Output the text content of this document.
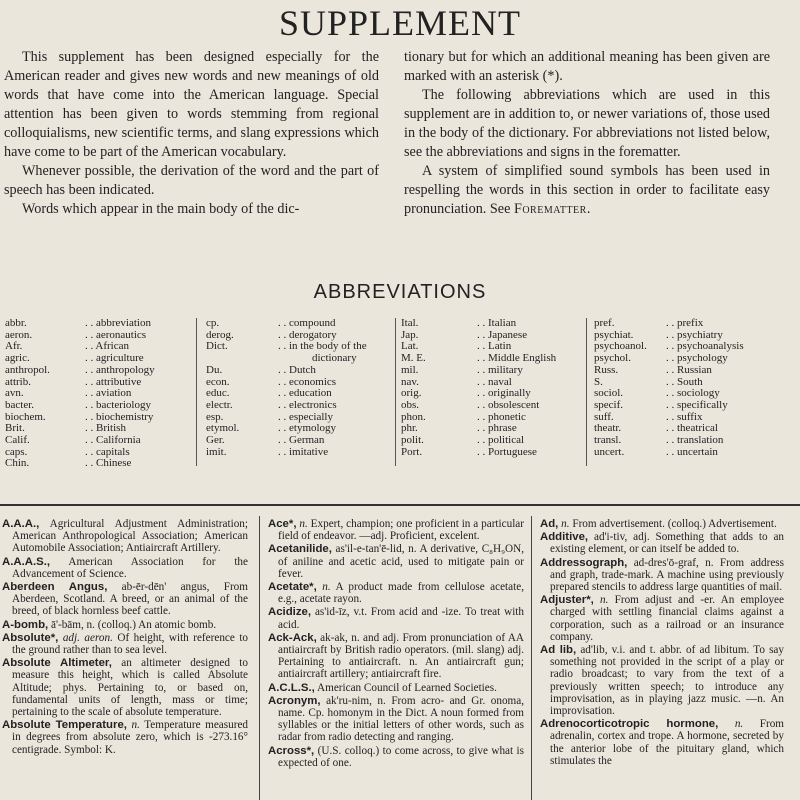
SUPPLEMENT

This supplement has been designed especially for the American reader and gives new words and new meanings of old words that have come into the American language. Special attention has been given to words stemming from regional colloquialisms, new scientific terms, and slang expressions which have come to be part of the American vocabulary.

Whenever possible, the derivation of the word and the part of speech has been indicated.

Words which appear in the main body of the dic-

tionary but for which an additional meaning has been given are marked with an asterisk (*).

The following abbreviations which are used in this supplement are in addition to, or newer variations of, those used in the body of the dictionary. For abbreviations not listed below, see the abbreviations and signs in the forematter.

A system of simplified sound symbols has been used in respelling the words in this section in order to facilitate easy pronunciation. See Forematter.

ABBREVIATIONS
abbr.	. . abbreviation
aeron.	. . aeronautics
Afr.	. . African
agric.	. . agriculture
anthropol.	. . anthropology
attrib.	. . attributive
avn.	. . aviation
bacter.	. . bacteriology
biochem.	. . biochemistry
Brit.	. . British
Calif.	. . California
caps.	. . capitals
Chin.	. . Chinese
cp.	. . compound
derog.	. . derogatory
Dict.	. . in the body of the
dictionary
Du.	. . Dutch
econ.	. . economics
educ.	. . education
electr.	. . electronics
esp.	. . especially
etymol.	. . etymology
Ger.	. . German
imit.	. . imitative
Ital.	. . Italian
Jap.	. . Japanese
Lat.	. . Latin
M. E.	. . Middle English
mil.	. . military
nav.	. . naval
orig.	. . originally
obs.	. . obsolescent
phon.	. . phonetic
phr.	. . phrase
polit.	. . political
Port.	. . Portuguese
pref.	. . prefix
psychiat.	. . psychiatry
psychoanol.	. . psychoanalysis
psychol.	. . psychology
Russ.	. . Russian
S.	. . South
sociol.	. . sociology
specif.	. . specifically
suff.	. . suffix
theatr.	. . theatrical
transl.	. . translation
uncert.	. . uncertain

A.A.A., Agricultural Adjustment Administration; American Anthropological Association; American Automobile Association; Antiaircraft Artillery.

A.A.A.S., American Association for the Advancement of Science.

Aberdeen Angus, ab-ēr-dēn' angus, From Aberdeen, Scotland. A breed, or an animal of the breed, of black hornless beef cattle.

A-bomb, ā'-bām, n. (colloq.) An atomic bomb.

Absolute*, adj. aeron. Of height, with reference to the ground rather than to sea level.

Absolute Altimeter, an altimeter designed to measure this height, which is called Absolute Altitude; phys. Pertaining to, or based on, fundamental units of length, mass or time; pertaining to the scale of absolute temperature.

Absolute Temperature, n. Temperature measured in degrees from absolute zero, which is -273.16° centigrade. Symbol: K.

Ace*, n. Expert, champion; one proficient in a particular field of endeavor. —adj. Proficient, excelent.

Acetanilide, as'il-e-tan'ē-lid, n. A derivative, C₈H₉ON, of aniline and acetic acid, used to mitigate pain or fever.

Acetate*, n. A product made from cellulose acetate, e.g., acetate rayon.

Acidize, as'id-īz, v.t. From acid and -ize. To treat with acid.

Ack-Ack, ak-ak, n. and adj. From pronunciation of AA antiaircraft by British radio operators. (mil. slang) adj. Pertaining to antiaircraft. n. An antiaircraft gun; antiaircraft artillery; antiaircraft fire.

A.C.L.S., American Council of Learned Societies.

Acronym, ak'ru-nim, n. From acro- and Gr. onoma, name. Cp. homonym in the Dict. A noun formed from syllables or the initial letters of other words, such as radar from radio detecting and ranging.

Across*, (U.S. colloq.) to come across, to give what is expected of one.

Ad, n. From advertisement. (colloq.) Advertisement.

Additive, ad'i-tiv, adj. Something that adds to an existing element, or can itself be added to.

Addressograph, ad-dres'ō-graf, n. From address and graph, trade-mark. A machine using previously prepared stencils to address large quantities of mail.

Adjuster*, n. From adjust and -er. An employee charged with settling financial claims against a corporation, such as a railroad or an insurance company.

Ad lib, ad'lib, v.i. and t. abbr. of ad libitum. To say something not provided in the script of a play or radio broadcast; to vary from the text of a previously written speech; to introduce any improvisation, as in playing jazz music. —n. An improvisation.

Adrenocorticotropic hormone, n. From adrenalin, cortex and trope. A hormone, secreted by the anterior lobe of the pituitary gland, which stimulates the
